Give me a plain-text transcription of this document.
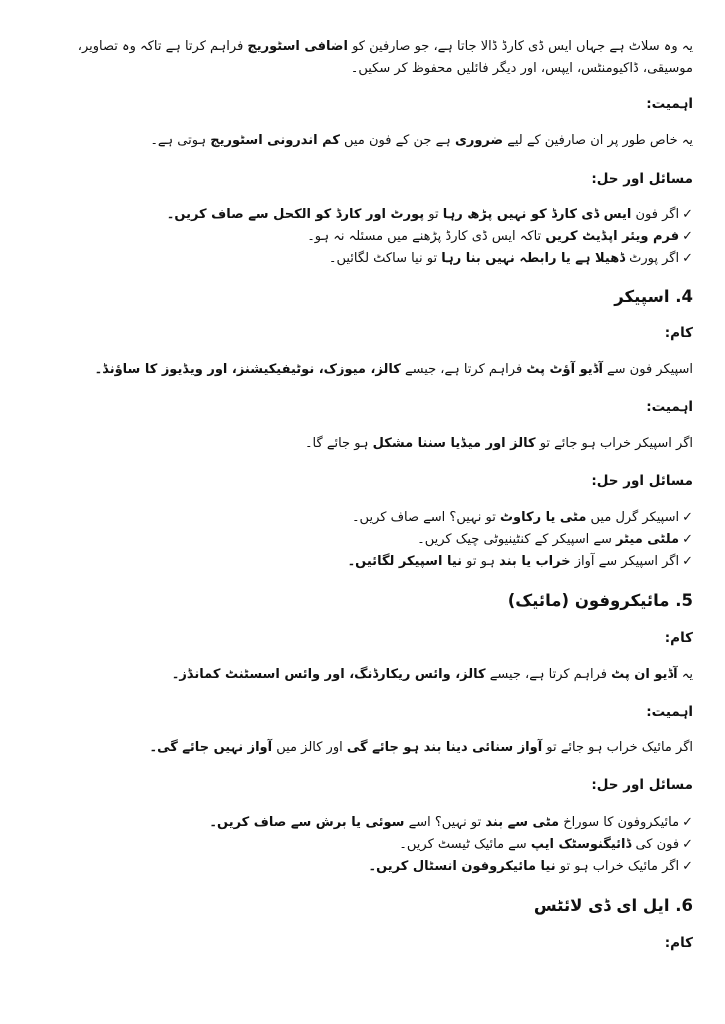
یہ وہ سلاٹ ہے جہاں ایس ڈی کارڈ ڈالا جاتا ہے، جو صارفین کو اضافی اسٹوریج فراہم کرتا ہے تاکہ وہ تصاویر،

موسیقی، ڈاکیومنٹس، ایپس، اور دیگر فائلیں محفوظ کر سکیں۔

اہمیت:

یہ خاص طور پر ان صارفین کے لیے ضروری ہے جن کے فون میں کم اندرونی اسٹوریج ہوتی ہے۔

مسائل اور حل:

✓اگر فون ایس ڈی کارڈ کو نہیں پڑھ رہا تو پورٹ اور کارڈ کو الکحل سے صاف کریں۔

✓فرم ویئر اپڈیٹ کریں تاکہ ایس ڈی کارڈ پڑھنے میں مسئلہ نہ ہو۔

✓اگر پورٹ ڈھیلا ہے یا رابطہ نہیں بنا رہا تو نیا ساکٹ لگائیں۔

4. اسپیکر

کام:

اسپیکر فون سے آڈیو آؤٹ پٹ فراہم کرتا ہے، جیسے کالز، میوزک، نوٹیفیکیشنز، اور ویڈیوز کا ساؤنڈ۔

اہمیت:

اگر اسپیکر خراب ہو جائے تو کالز اور میڈیا سننا مشکل ہو جائے گا۔

مسائل اور حل:

✓اسپیکر گرل میں مٹی یا رکاوٹ تو نہیں؟ اسے صاف کریں۔

✓ملٹی میٹر سے اسپیکر کے کنٹینیوٹی چیک کریں۔

✓اگر اسپیکر سے آواز خراب یا بند ہو تو نیا اسپیکر لگائیں۔

5. مائیکروفون (مائیک)

کام:

یہ آڈیو ان پٹ فراہم کرتا ہے، جیسے کالز، وائس ریکارڈنگ، اور وائس اسسٹنٹ کمانڈز۔

اہمیت:

اگر مائیک خراب ہو جائے تو آواز سنائی دینا بند ہو جائے گی اور کالز میں آواز نہیں جائے گی۔

مسائل اور حل:

✓مائیکروفون کا سوراخ مٹی سے بند تو نہیں؟ اسے سوئی یا برش سے صاف کریں۔

✓فون کی ڈائیگنوسٹک ایپ سے مائیک ٹیسٹ کریں۔

✓اگر مائیک خراب ہو تو نیا مائیکروفون انسٹال کریں۔

6. ایل ای ڈی لائٹس

کام:
